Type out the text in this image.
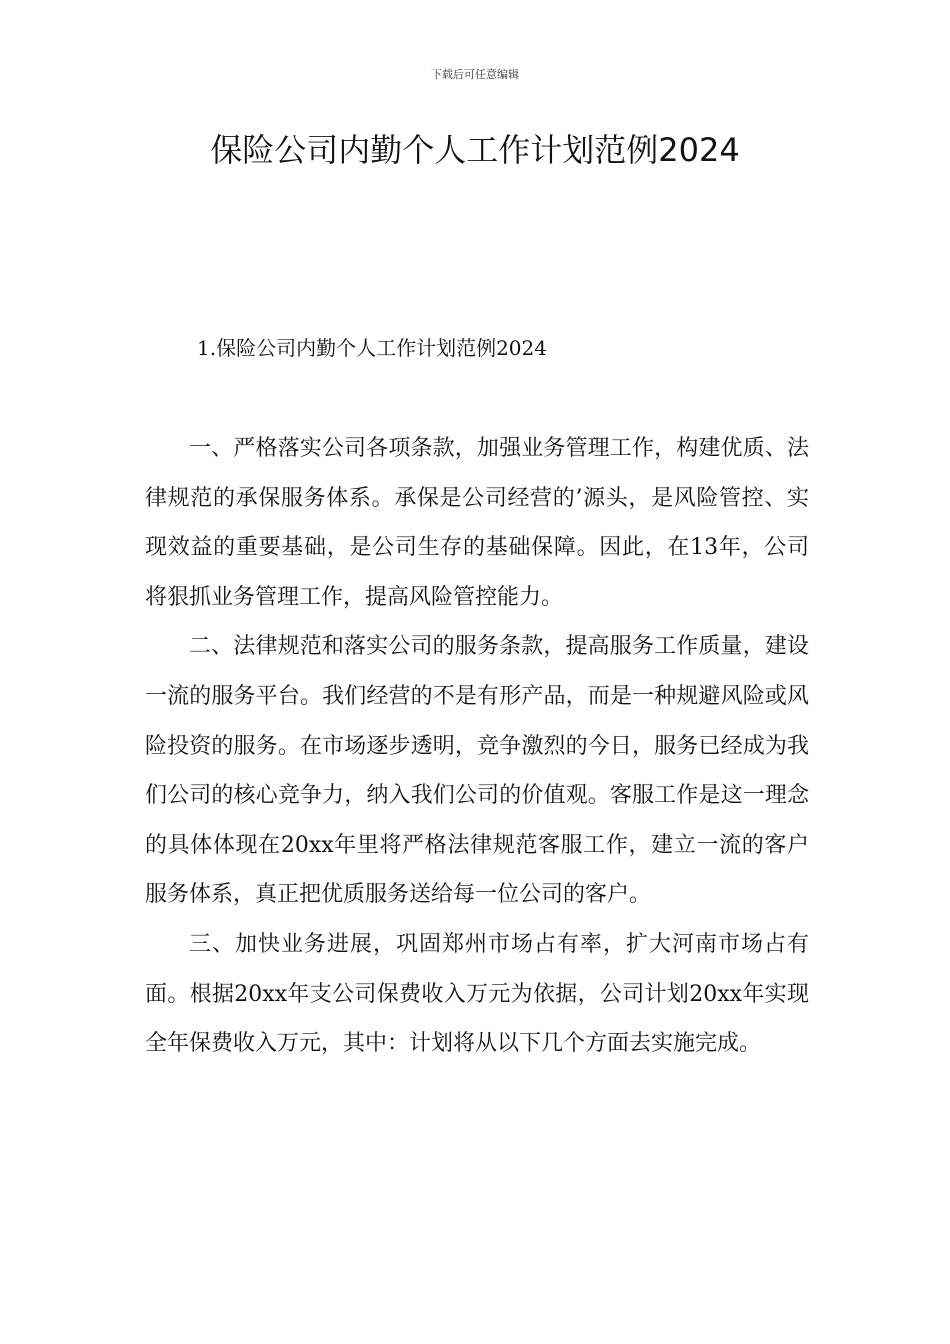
下载后可任意编辑
保险公司内勤个人工作计划范例2024
1.保险公司内勤个人工作计划范例2024

一、严格落实公司各项条款，加强业务管理工作，构建优质、法律规范的承保服务体系。承保是公司经营的’源头，是风险管控、实现效益的重要基础，是公司生存的基础保障。因此，在13年，公司将狠抓业务管理工作，提高风险管控能力。

二、法律规范和落实公司的服务条款，提高服务工作质量，建设一流的服务平台。我们经营的不是有形产品，而是一种规避风险或风险投资的服务。在市场逐步透明，竞争激烈的今日，服务已经成为我们公司的核心竞争力，纳入我们公司的价值观。客服工作是这一理念的具体体现在20xx年里将严格法律规范客服工作，建立一流的客户服务体系，真正把优质服务送给每一位公司的客户。

三、加快业务进展，巩固郑州市场占有率，扩大河南市场占有面。根据20xx年支公司保费收入万元为依据，公司计划20xx年实现全年保费收入万元，其中：计划将从以下几个方面去实施完成。
